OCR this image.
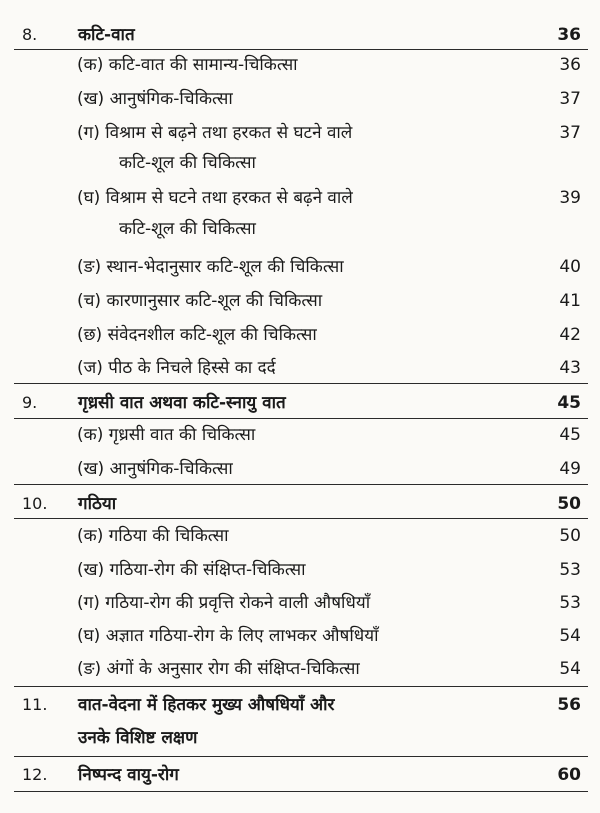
8. कटि-वात	36
(क) कटि-वात की सामान्य-चिकित्सा	36
(ख) आनुषंगिक-चिकित्सा	37
(ग) विश्राम से बढ़ने तथा हरकत से घटने वाले	37
कटि-शूल की चिकित्सा
(घ) विश्राम से घटने तथा हरकत से बढ़ने वाले	39
कटि-शूल की चिकित्सा
(ङ) स्थान-भेदानुसार कटि-शूल की चिकित्सा	40
(च) कारणानुसार कटि-शूल की चिकित्सा	41
(छ) संवेदनशील कटि-शूल की चिकित्सा	42
(ज) पीठ के निचले हिस्से का दर्द	43
9. गृध्रसी वात अथवा कटि-स्नायु वात	45
(क) गृध्रसी वात की चिकित्सा	45
(ख) आनुषंगिक-चिकित्सा	49
10. गठिया	50
(क) गठिया की चिकित्सा	50
(ख) गठिया-रोग की संक्षिप्त-चिकित्सा	53
(ग) गठिया-रोग की प्रवृत्ति रोकने वाली औषधियाँ	53
(घ) अज्ञात गठिया-रोग के लिए लाभकर औषधियाँ	54
(ङ) अंगों के अनुसार रोग की संक्षिप्त-चिकित्सा	54
11. वात-वेदना में हितकर मुख्य औषधियाँ और	56
उनके विशिष्ट लक्षण
12. निष्पन्द वायु-रोग	60
